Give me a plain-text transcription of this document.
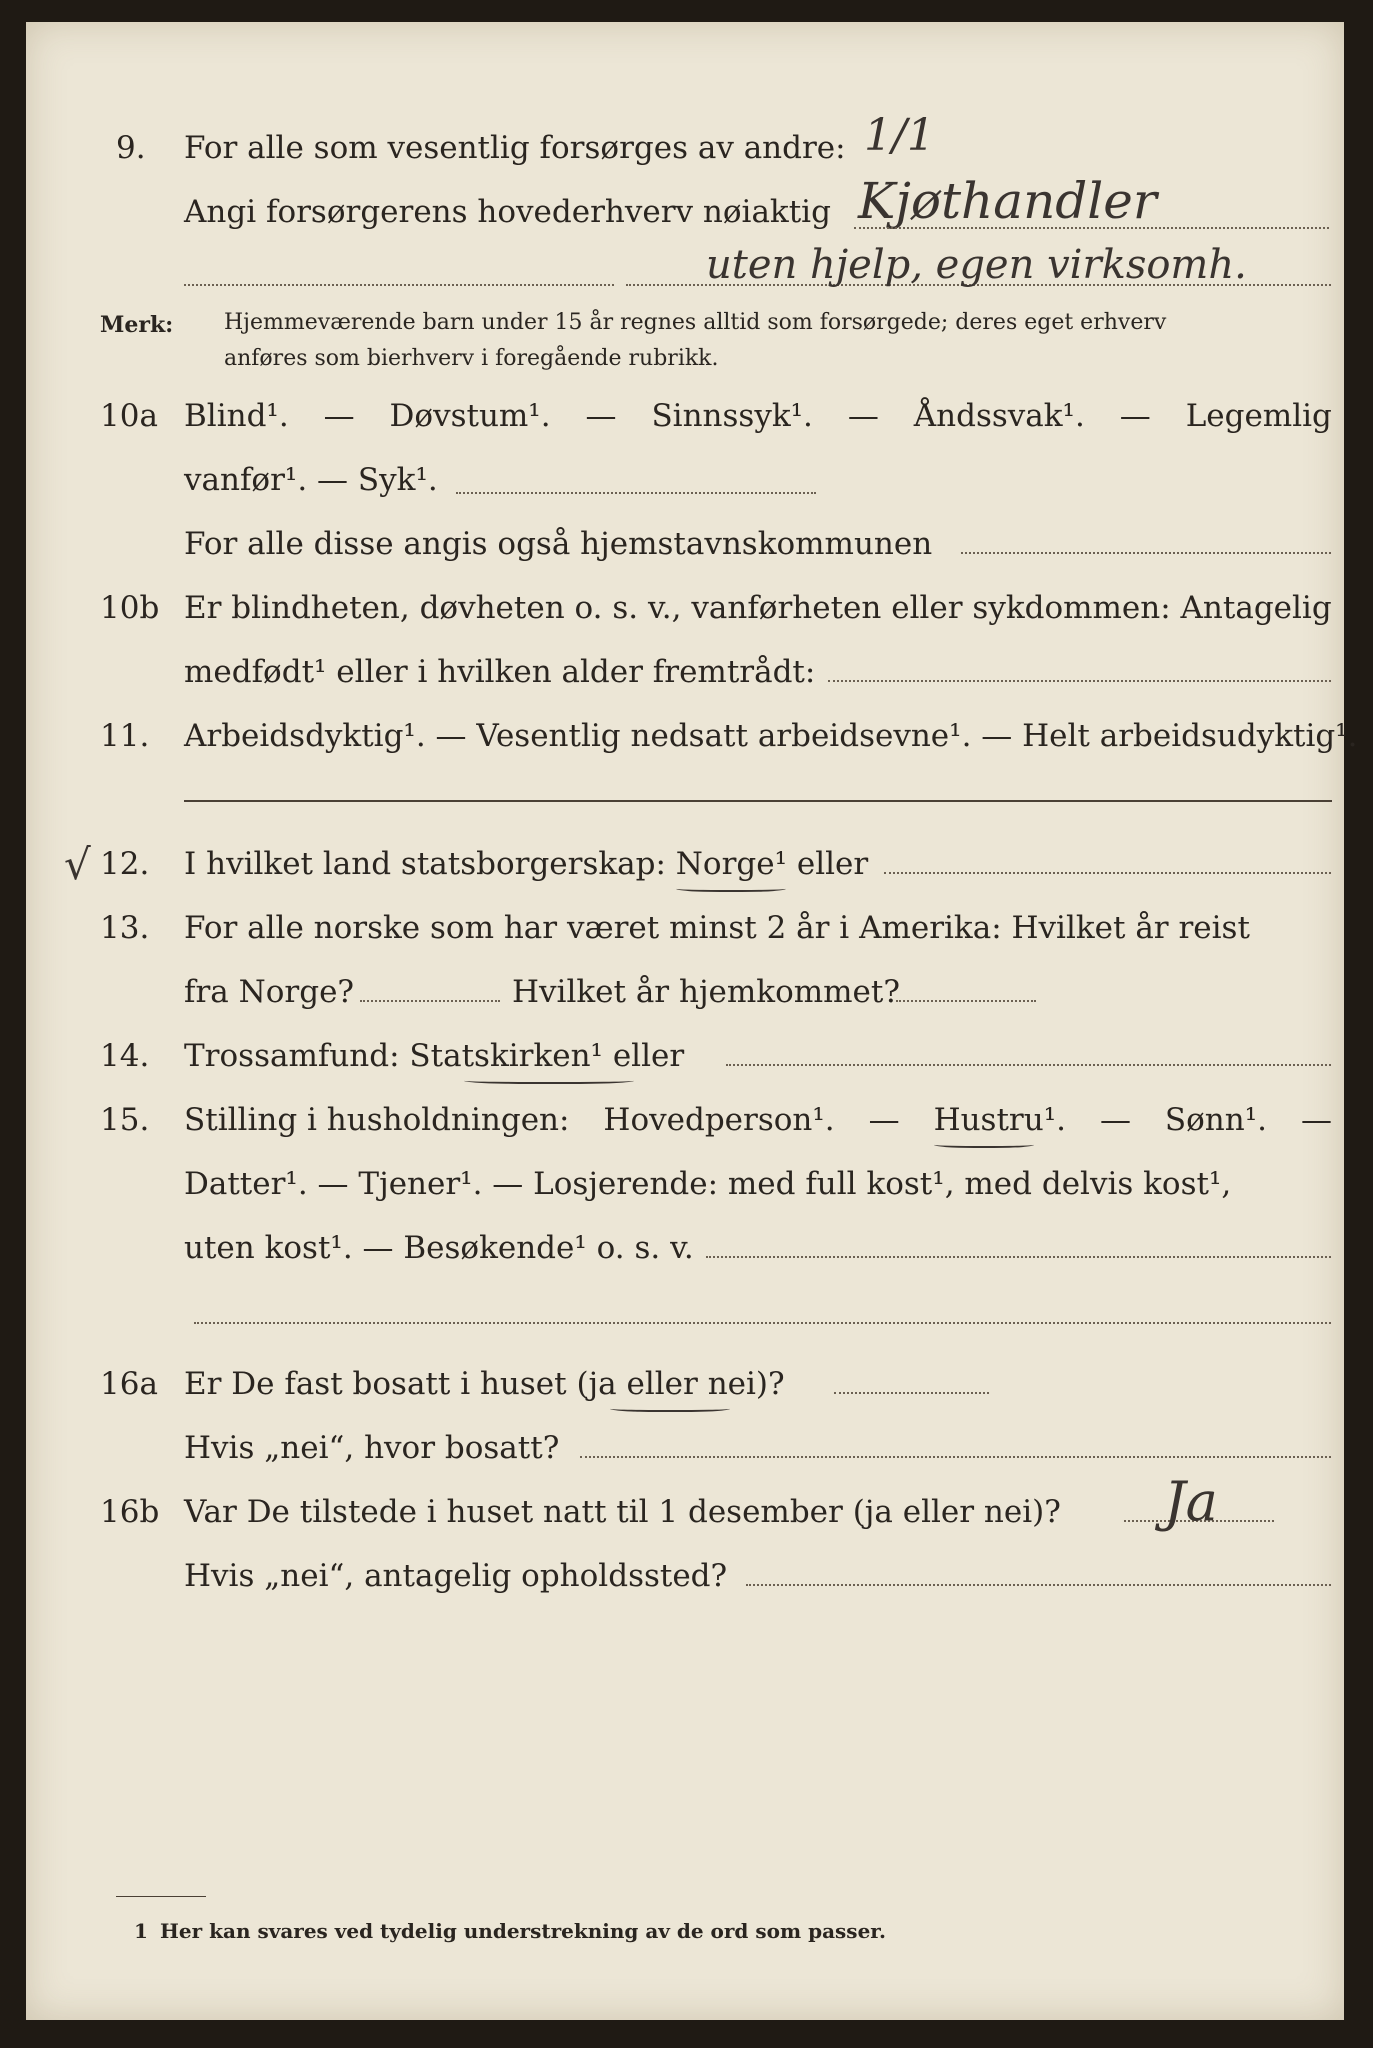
9. For alle som vesentlig forsørges av andre: 1/1
Angi forsørgerens hovederhverv nøiaktig Kjøthandler
uten hjelp, egen virksomh.
Merk: Hjemmeværende barn under 15 år regnes alltid som forsørgede; deres eget erhverv
anføres som bierhverv i foregående rubrikk.
10a Blind¹. — Døvstum¹. — Sinnssyk¹. — Åndssvak¹. — Legemlig
vanfør¹. — Syk¹.
For alle disse angis også hjemstavnskommunen
10b Er blindheten, døvheten o. s. v., vanførheten eller sykdommen: Antagelig
medfødt¹ eller i hvilken alder fremtrådt:
11. Arbeidsdyktig¹. — Vesentlig nedsatt arbeidsevne¹. — Helt arbeidsudyktig¹.
√ 12. I hvilket land statsborgerskap: Norge¹ eller
13. For alle norske som har været minst 2 år i Amerika: Hvilket år reist
fra Norge?	Hvilket år hjemkommet?
14. Trossamfund: Statskirken¹ eller
15. Stilling i husholdningen: Hovedperson¹. — Hustru¹. — Sønn¹. —
Datter¹. — Tjener¹. — Losjerende: med full kost¹, med delvis kost¹,
uten kost¹. — Besøkende¹ o. s. v.
16a Er De fast bosatt i huset (ja eller nei)?
Hvis „nei“, hvor bosatt?
16b Var De tilstede i huset natt til 1 desember (ja eller nei)? Ja
Hvis „nei“, antagelig opholdssted?
1 Her kan svares ved tydelig understrekning av de ord som passer.
